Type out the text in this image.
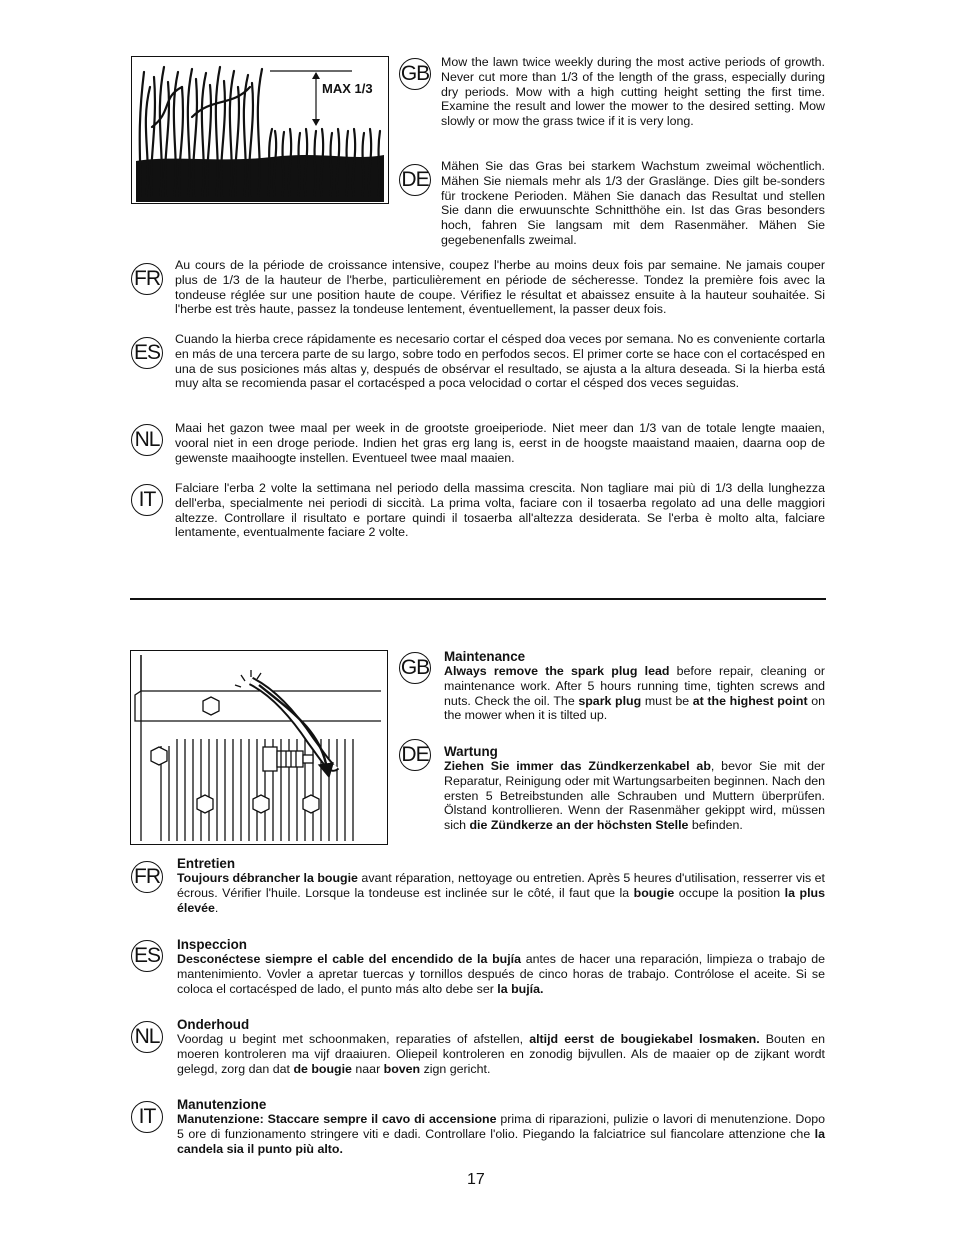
MAX 1/3
GB Mow the lawn twice weekly during the most active periods of growth. Never cut more than 1/3 of the length of the grass, especially during dry periods. Mow with a high cutting height setting the first time. Examine the result and lower the mower to the desired setting. Mow slowly or mow the grass twice if it is very long.

DE

Mähen Sie das Gras bei starkem Wachstum zweimal wöchentlich. Mähen Sie niemals mehr als 1/3 der Graslänge. Dies gilt be-sonders für trockene Perioden. Mähen Sie danach das Resultat und stellen Sie dann die erwuunschte Schnitthöhe ein. Ist das Gras besonders hoch, fahren Sie langsam mit dem Rasenmäher. Mähen Sie gegebenenfalls zweimal.

FR

Au cours de la période de croissance intensive, coupez l'herbe au moins deux fois par semaine. Ne jamais couper plus de 1/3 de la hauteur de l'herbe, particulièrement en période de sécheresse. Tondez la première fois avec la tondeuse réglée sur une position haute de coupe. Vérifiez le résultat et abaissez ensuite à la hauteur souhaitée. Si l'herbe est très haute, passez la tondeuse lentement, éventuellement, la passer deux fois.

ES

Cuando la hierba crece rápidamente es necesario cortar el césped doa veces por semana. No es conveniente cortarla en más de una tercera parte de su largo, sobre todo en perfodos secos. El primer corte se hace con el cortacésped en una de sus posiciones más altas y, después de obsérvar el resultado, se ajusta a la altura deseada. Si la hierba está muy alta se recomienda pasar el cortacésped a poca velocidad o cortar el césped dos veces seguidas.

NL Maai het gazon twee maal per week in de grootste groeiperiode. Niet meer dan 1/3 van de totale lengte maaien, vooral niet in een droge periode. Indien het gras erg lang is, eerst in de hoogste maaistand maaien, daarna oop de gewenste maaihoogte instellen. Eventueel twee maal maaien.

IT	Falciare l'erba 2 volte la settimana nel periodo della massima crescita. Non tagliare mai più di 1/3 della lunghezza dell'erba, specialmente nei periodi di siccità. La prima volta, faciare con il tosaerba regolato ad una delle maggiori altezze. Controllare il risultato e portare quindi il tosaerba all'altezza desiderata. Se l'erba è molto alta, falciare lentamente, eventualmente faciare 2 volte.

GB Maintenance
Always remove the spark plug lead before repair, cleaning or maintenance work. After 5 hours running time, tighten screws and nuts. Check the oil. The spark plug must be at the highest point on the mower when it is tilted up.
DE Wartung
Ziehen Sie immer das Zündkerzenkabel ab, bevor Sie mit der Reparatur, Reinigung oder mit Wartungsarbeiten beginnen. Nach den ersten 5 Betreibstunden alle Schrauben und Muttern überprüfen. Ölstand kontrollieren. Wenn der Rasenmäher gekippt wird, müssen sich die Zündkerze an der höchsten Stelle befinden.
FR
Entretien
Toujours débrancher la bougie avant réparation, nettoyage ou entretien. Après 5 heures d'utilisation, resserrer vis et écrous. Vérifier l'huile. Lorsque la tondeuse est inclinée sur le côté, il faut que la bougie occupe la position la plus élevée.
ES Inspeccion
Desconéctese siempre el cable del encendido de la bujía antes de hacer una reparación, limpieza o trabajo de mantenimiento. Vovler a apretar tuercas y tornillos después de cinco horas de trabajo. Contrólose el aceite. Si se coloca el cortacésped de lado, el punto más alto debe ser la bujía.
NL
Onderhoud
Voordag u begint met schoonmaken, reparaties of afstellen, altijd eerst de bougiekabel losmaken. Bouten en moeren kontroleren ma vijf draaiuren. Oliepeil kontroleren en zonodig bijvullen. Als de maaier op de zijkant wordt gelegd, zorg dan dat de bougie naar boven zign gericht.
IT
Manutenzione
Manutenzione: Staccare sempre il cavo di accensione prima di riparazioni, pulizie o lavori di menutenzione. Dopo 5 ore di funzionamento stringere viti e dadi. Controllare l'olio. Piegando la falciatrice sul fiancolare attenzione che la candela sia il punto più alto.
17
